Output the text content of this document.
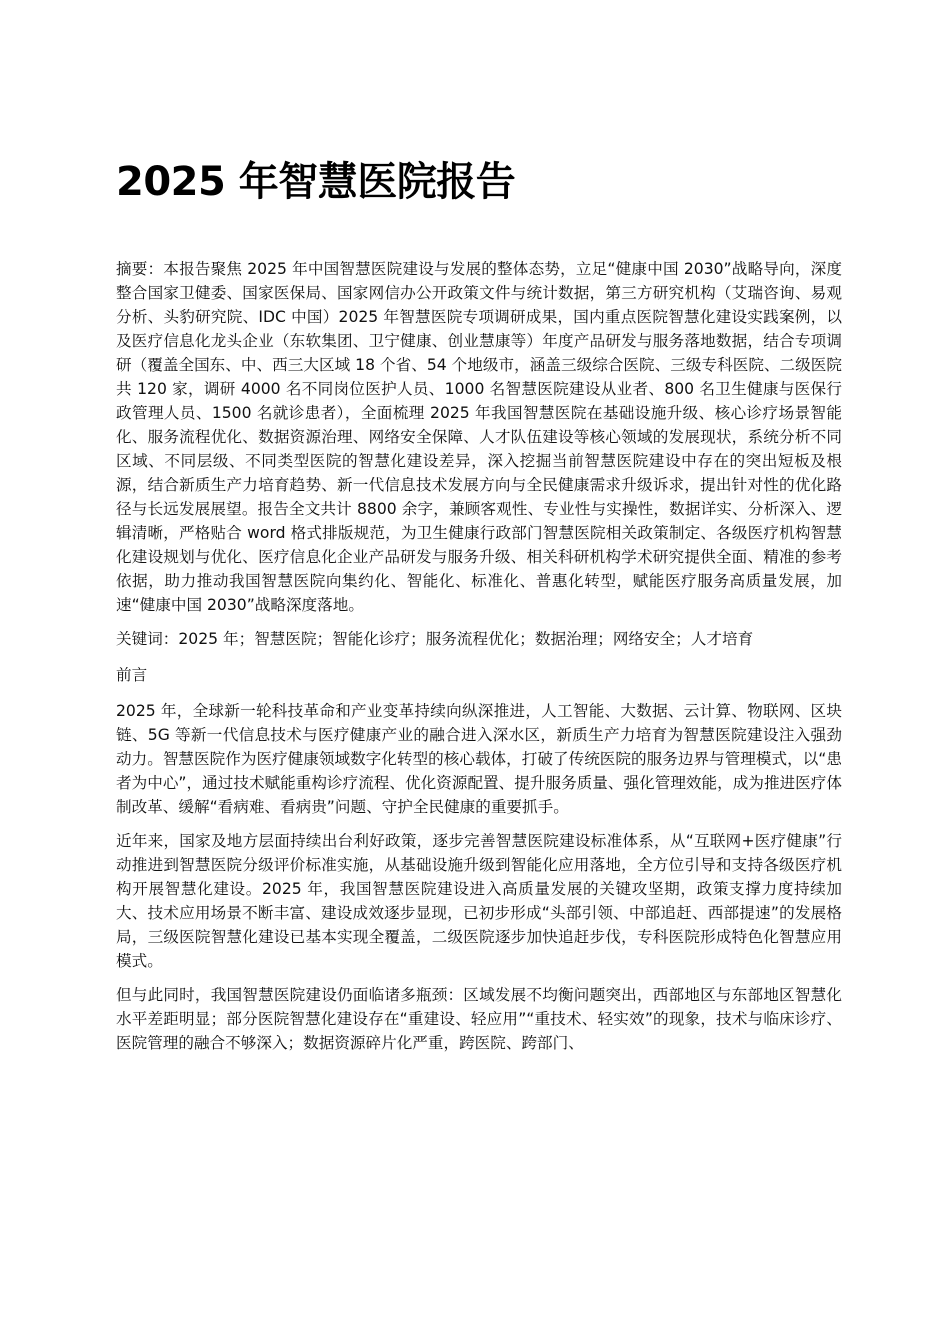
2025 年智慧医院报告

摘要：本报告聚焦 2025 年中国智慧医院建设与发展的整体态势，立足“健康中国 2030”战略导向，深度整合国家卫健委、国家医保局、国家网信办公开政策文件与统计数据，第三方研究机构（艾瑞咨询、易观分析、头豹研究院、IDC 中国）2025 年智慧医院专项调研成果，国内重点医院智慧化建设实践案例，以及医疗信息化龙头企业（东软集团、卫宁健康、创业慧康等）年度产品研发与服务落地数据，结合专项调研（覆盖全国东、中、西三大区域 18 个省、54 个地级市，涵盖三级综合医院、三级专科医院、二级医院共 120 家，调研 4000 名不同岗位医护人员、1000 名智慧医院建设从业者、800 名卫生健康与医保行政管理人员、1500 名就诊患者），全面梳理 2025 年我国智慧医院在基础设施升级、核心诊疗场景智能化、服务流程优化、数据资源治理、网络安全保障、人才队伍建设等核心领域的发展现状，系统分析不同区域、不同层级、不同类型医院的智慧化建设差异，深入挖掘当前智慧医院建设中存在的突出短板及根源，结合新质生产力培育趋势、新一代信息技术发展方向与全民健康需求升级诉求，提出针对性的优化路径与长远发展展望。报告全文共计 8800 余字，兼顾客观性、专业性与实操性，数据详实、分析深入、逻辑清晰，严格贴合 word 格式排版规范，为卫生健康行政部门智慧医院相关政策制定、各级医疗机构智慧化建设规划与优化、医疗信息化企业产品研发与服务升级、相关科研机构学术研究提供全面、精准的参考依据，助力推动我国智慧医院向集约化、智能化、标准化、普惠化转型，赋能医疗服务高质量发展，加速“健康中国 2030”战略深度落地。

关键词：2025 年；智慧医院；智能化诊疗；服务流程优化；数据治理；网络安全；人才培育

前言

2025 年，全球新一轮科技革命和产业变革持续向纵深推进，人工智能、大数据、云计算、物联网、区块链、5G 等新一代信息技术与医疗健康产业的融合进入深水区，新质生产力培育为智慧医院建设注入强劲动力。智慧医院作为医疗健康领域数字化转型的核心载体，打破了传统医院的服务边界与管理模式，以“患者为中心”，通过技术赋能重构诊疗流程、优化资源配置、提升服务质量、强化管理效能，成为推进医疗体制改革、缓解“看病难、看病贵”问题、守护全民健康的重要抓手。

近年来，国家及地方层面持续出台利好政策，逐步完善智慧医院建设标准体系，从“互联网+医疗健康”行动推进到智慧医院分级评价标准实施，从基础设施升级到智能化应用落地，全方位引导和支持各级医疗机构开展智慧化建设。2025 年，我国智慧医院建设进入高质量发展的关键攻坚期，政策支撑力度持续加大、技术应用场景不断丰富、建设成效逐步显现，已初步形成“头部引领、中部追赶、西部提速”的发展格局，三级医院智慧化建设已基本实现全覆盖，二级医院逐步加快追赶步伐，专科医院形成特色化智慧应用模式。

但与此同时，我国智慧医院建设仍面临诸多瓶颈：区域发展不均衡问题突出，西部地区与东部地区智慧化水平差距明显；部分医院智慧化建设存在“重建设、轻应用”“重技术、轻实效”的现象，技术与临床诊疗、医院管理的融合不够深入；数据资源碎片化严重，跨医院、跨部门、
